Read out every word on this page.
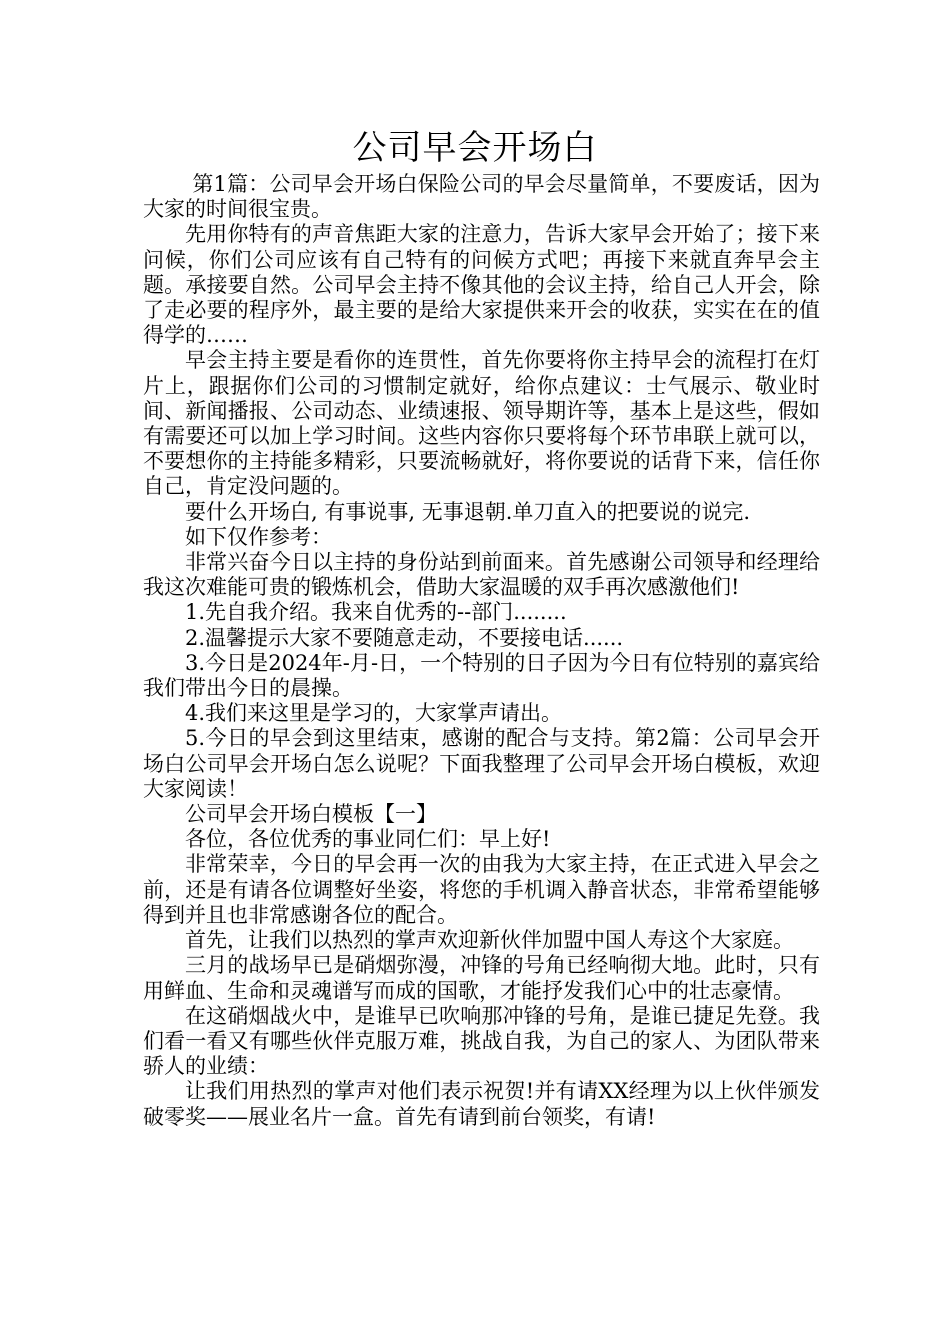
公司早会开场白

第1篇：公司早会开场白保险公司的早会尽量简单，不要废话，因为大家的时间很宝贵。

先用你特有的声音焦距大家的注意力，告诉大家早会开始了；接下来问候，你们公司应该有自己特有的问候方式吧；再接下来就直奔早会主题。承接要自然。公司早会主持不像其他的会议主持，给自己人开会，除了走必要的程序外，最主要的是给大家提供来开会的收获，实实在在的值得学的……

早会主持主要是看你的连贯性，首先你要将你主持早会的流程打在灯片上，跟据你们公司的习惯制定就好，给你点建议：士气展示、敬业时间、新闻播报、公司动态、业绩速报、领导期许等，基本上是这些，假如有需要还可以加上学习时间。这些内容你只要将每个环节串联上就可以，不要想你的主持能多精彩，只要流畅就好，将你要说的话背下来，信任你自己，肯定没问题的。

要什么开场白, 有事说事, 无事退朝.单刀直入的把要说的说完.

如下仅作参考：

非常兴奋今日以主持的身份站到前面来。首先感谢公司领导和经理给我这次难能可贵的锻炼机会，借助大家温暖的双手再次感激他们!

1.先自我介绍。我来自优秀的--部门........

2.温馨提示大家不要随意走动，不要接电话......

3.今日是2024年-月-日，一个特别的日子因为今日有位特别的嘉宾给我们带出今日的晨操。

4.我们来这里是学习的，大家掌声请出。

5.今日的早会到这里结束，感谢的配合与支持。第2篇：公司早会开场白公司早会开场白怎么说呢？下面我整理了公司早会开场白模板，欢迎大家阅读！

公司早会开场白模板【一】

各位，各位优秀的事业同仁们：早上好!

非常荣幸，今日的早会再一次的由我为大家主持，在正式进入早会之前，还是有请各位调整好坐姿，将您的手机调入静音状态，非常希望能够得到并且也非常感谢各位的配合。

首先，让我们以热烈的掌声欢迎新伙伴加盟中国人寿这个大家庭。

三月的战场早已是硝烟弥漫，冲锋的号角已经响彻大地。此时，只有用鲜血、生命和灵魂谱写而成的国歌，才能抒发我们心中的壮志豪情。

在这硝烟战火中，是谁早已吹响那冲锋的号角，是谁已捷足先登。我们看一看又有哪些伙伴克服万难，挑战自我，为自己的家人、为团队带来骄人的业绩：

让我们用热烈的掌声对他们表示祝贺!并有请XX经理为以上伙伴颁发破零奖——展业名片一盒。首先有请到前台领奖，有请!
